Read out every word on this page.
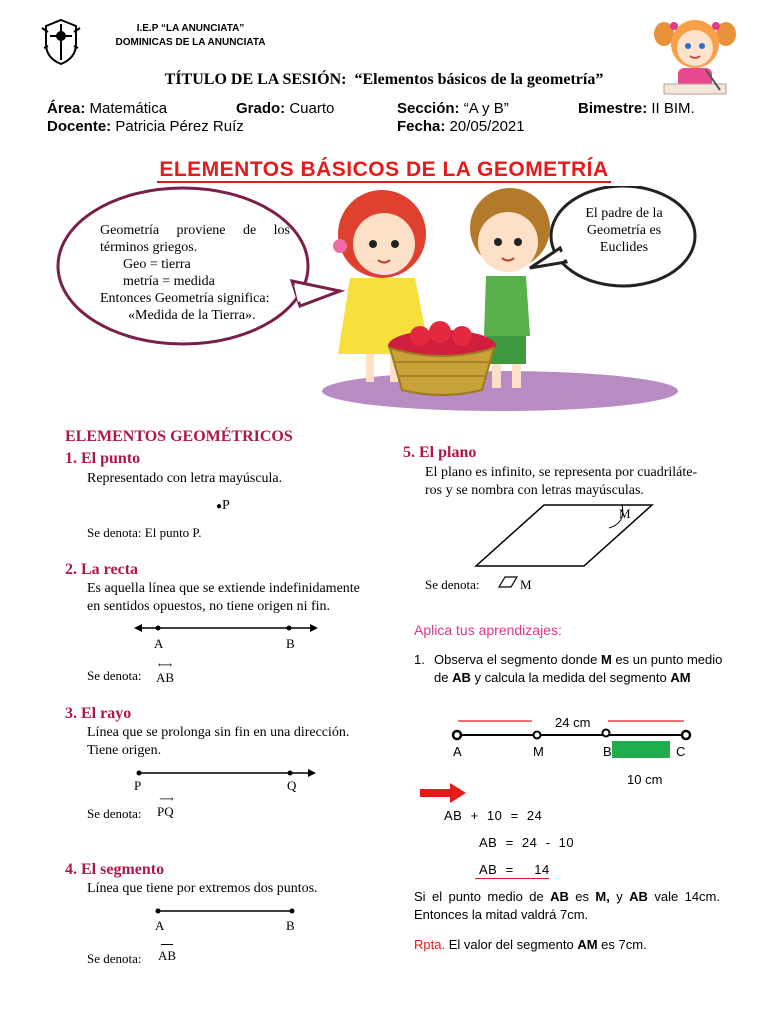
I.E.P “LA ANUNCIATA”
DOMINICAS DE LA ANUNCIATA
TÍTULO DE LA SESIÓN: “Elementos básicos de la geometría”
Área: Matemática	Grado: Cuarto	Sección: “A y B”	Bimestre: II BIM.
Docente: Patricia Pérez Ruíz	Fecha: 20/05/2021
ELEMENTOS BÁSICOS DE LA GEOMETRÍA
Geometría proviene de los
términos griegos.
Geo = tierra
metría = medida
Entonces Geometría significa:
«Medida de la Tierra».
El padre de la
Geometría es
Euclides
ELEMENTOS GEOMÉTRICOS
1. El punto
Representado con letra mayúscula.
●P
Se denota: El punto P.
2. La recta
Es aquella línea que se extiende indefinidamente
en sentidos opuestos, no tiene origen ni fin.
A	B
Se denota:
⟷
AB
3. El rayo
Línea que se prolonga sin fin en una dirección.
Tiene origen.
P	Q
Se denota:
⟶
PQ
4. El segmento
Línea que tiene por extremos dos puntos.
A	B
Se denota: AB
5. El plano
El plano es infinito, se representa por cuadriláte-
ros y se nombra con letras mayúsculas.
M
Se denota:	M
Aplica tus aprendizajes:
1. Observa el segmento donde M es un punto medio
de AB y calcula la medida del segmento AM
24 cm
A	M	B	C
10 cm
AB  +  10  =  24
AB  =  24  -  10
AB  =     14
Si el punto medio de AB es M, y AB vale 14cm.
Entonces la mitad valdrá 7cm.
Rpta. El valor del segmento AM es 7cm.
